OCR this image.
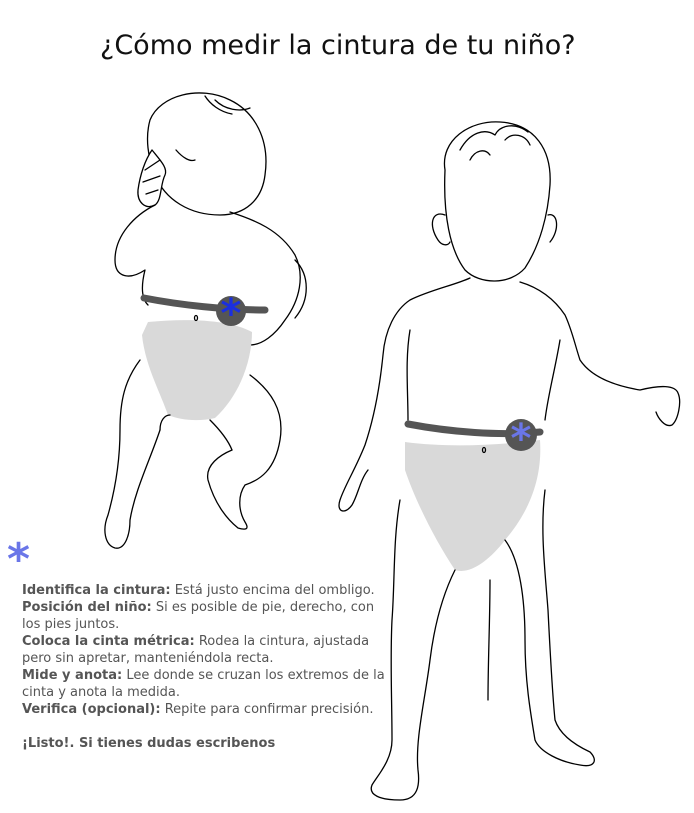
¿Cómo medir la cintura de tu niño?
*
*
*

Identifica la cintura: Está justo encima del ombligo.

Posición del niño: Si es posible de pie, derecho, con los pies juntos.

Coloca la cinta métrica: Rodea la cintura, ajustada pero sin apretar, manteniéndola recta.

Mide y anota: Lee donde se cruzan los extremos de la cinta y anota la medida.

Verifica (opcional): Repite para confirmar precisión.

¡Listo!. Si tienes dudas escribenos
